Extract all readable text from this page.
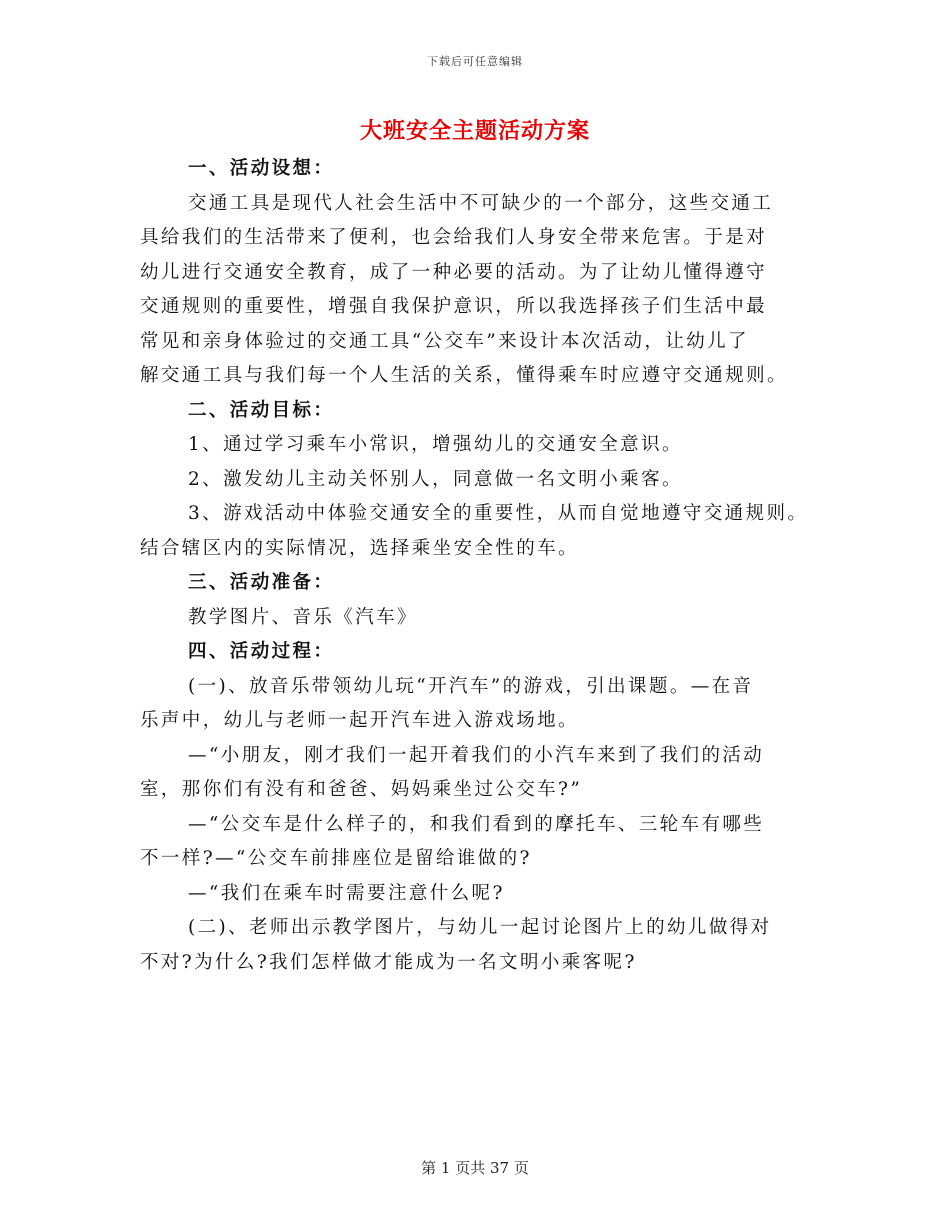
下载后可任意编辑
大班安全主题活动方案
一、活动设想：
交通工具是现代人社会生活中不可缺少的一个部分，这些交通工
具给我们的生活带来了便利，也会给我们人身安全带来危害。于是对
幼儿进行交通安全教育，成了一种必要的活动。为了让幼儿懂得遵守
交通规则的重要性，增强自我保护意识，所以我选择孩子们生活中最
常见和亲身体验过的交通工具“公交车”来设计本次活动，让幼儿了
解交通工具与我们每一个人生活的关系，懂得乘车时应遵守交通规则。
二、活动目标：
1、通过学习乘车小常识，增强幼儿的交通安全意识。
2、激发幼儿主动关怀别人，同意做一名文明小乘客。
3、游戏活动中体验交通安全的重要性，从而自觉地遵守交通规则。
结合辖区内的实际情况，选择乘坐安全性的车。
三、活动准备：
教学图片、音乐《汽车》
四、活动过程：
(一)、放音乐带领幼儿玩“开汽车”的游戏，引出课题。—在音
乐声中，幼儿与老师一起开汽车进入游戏场地。
—“小朋友，刚才我们一起开着我们的小汽车来到了我们的活动
室，那你们有没有和爸爸、妈妈乘坐过公交车?”
—“公交车是什么样子的，和我们看到的摩托车、三轮车有哪些
不一样?—“公交车前排座位是留给谁做的?
—“我们在乘车时需要注意什么呢?
(二)、老师出示教学图片，与幼儿一起讨论图片上的幼儿做得对
不对?为什么?我们怎样做才能成为一名文明小乘客呢?
第 1 页共 37 页
